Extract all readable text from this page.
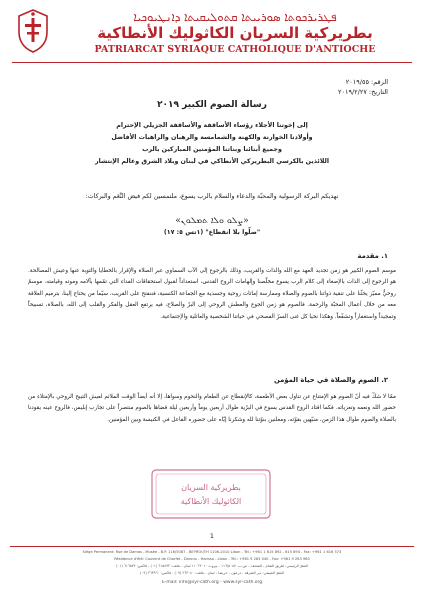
ܦܛܪܝܪܟܘܬܐ ܣܘܪܝܝܬܐ ܩܬܘܠܝܩܝܬܐ ܕܐܢܛܝܘܟܝܐ
بطريركية السريان الكاثوليك الأنطاكية
PATRIARCAT SYRIAQUE CATHOLIQUE D'ANTIOCHE
الرقم: ٢٠١٩/٥٥
التاريخ: ٢٠١٩/٢/٢٧
رسالة الصوم الكبير ٢٠١٩
إلى إخوتنا الأجلاء رؤساء الأساقفة والأساقفة الجزيلي الإحترام
وأولادنا الخوارنة والكهنة والشمامسة والرهبان والراهبات الأفاضل
وجميع أبنائنا وبناتنا المؤمنين المباركين بالرب
اللائذين بالكرسي البطريركي الأنطاكي في لبنان وبلاد الشرق وعالم الإنتشار
نهديكم البركة الرسولية والمحبّة والدعاء والسلام بالرب يسوع، ملتمسين لكم فيض النِّعَم والبركات:
«ܨܠܘ ܘܠܐ ܬܡܠܘܢ»
"صلّوا بلا انقطاع" (١تس ٥: ١٧)
١. مقدمة
موسم الصوم الكبير هو زمن تجديد العهد مع الله والذات والقريب، وذلك بالرجوع إلى الآب السماوي عبر الصلاة والإقرار بالخطايا والتوبة عنها وعيش المصالحة. هو الرجوع إلى الذات بالإصغاء إلى كلام الرب يسوع مخلّصنا وإلهامات الروح القدس، استعداداً لقبول استحقاقات الفداء التي تمّمها بآلامه وموته وقيامته. موسمٌ روحيٌّ مميّز يحثّنا على تنقية ذواتنا بالصوم والصلاة وممارسة إماتات روحية وجسدية مع الجماعة الكنسية، فننفتح على القريب، سيّما من يحتاج إلينا، بترميم العلاقة معه من خلال أعمال المحبّة والرحمة. فالصوم هو زمن الجوع والعطش الروحي إلى البرّ والصلاح، فيه يرتفع العقل والفكر والقلب إلى الله، بالصلاة، تسبيحاً وتمجيداً واستغفاراً وتشفّعاً. وهكذا نحيا كل غنى السرّ الفصحي في حياتنا الشخصية والعائلية والإجتماعية.
٢. الصوم والصلاة في حياة المؤمن
ممّا لا شكّ فيه أنّ الصوم هو الإمتناع عن تناول بعض الأطعمة، كالإنقطاع عن الطعام والنحوم وسواها، إلا أنه أيضاً الوقت الملائم لعيش التبيح الروحي بالإمتلاء من حضور الله ونعمه وتعزياته. فكما اقتاد الروح القدس يسوع في البرّية طوال أربعين يوماً وأربعين ليلة قضاها بالصوم منتصراً على تجارب إبليس، فالروح عينه يقودنا بالصلاة والصوم طوال هذا الزمن، منبّهين بقوّته، ومعلنين بنوّتنا لله وشكرنا إيّاه على حضوره الفاعل في الكنيسة وبين المؤمنين.
بطريركية السريان
الكاثوليك الأنطاكية
1
Siège Permanent: Rue de Damas - Musée - B.P. 116/5087 - BEYROUTH 1106-2010 Liban - Tél.: +961 1 615 892 - 615 894 - Fax: +961 1 616 573
Résidence d'été: Couvent de Charfet - Daroun - Harissa - Liban - Tél.: +961 9 263 040 - Fax: +961 9 263 960
المقرّ الرئيسي: طريق الشام - المتحف - ص.ب. ١١٦/٥٠٨٧ - بيروت ١١٠٦٢٠١٠ لبنان - هاتف: ٦١٥٨٩٢ (٠١) - فاكس: ٦١٦٥٧٣ (٠١)
المقرّ الصيفي: دير الشرفة - درعون - حريصا - لبنان - هاتف: ٢٦٣٠٤٠ (٠٩) - فاكس: ٢٦٣٩٦٠ (٠٩)
E-mail: info@syr-cath.org - www.syr-cath.org
